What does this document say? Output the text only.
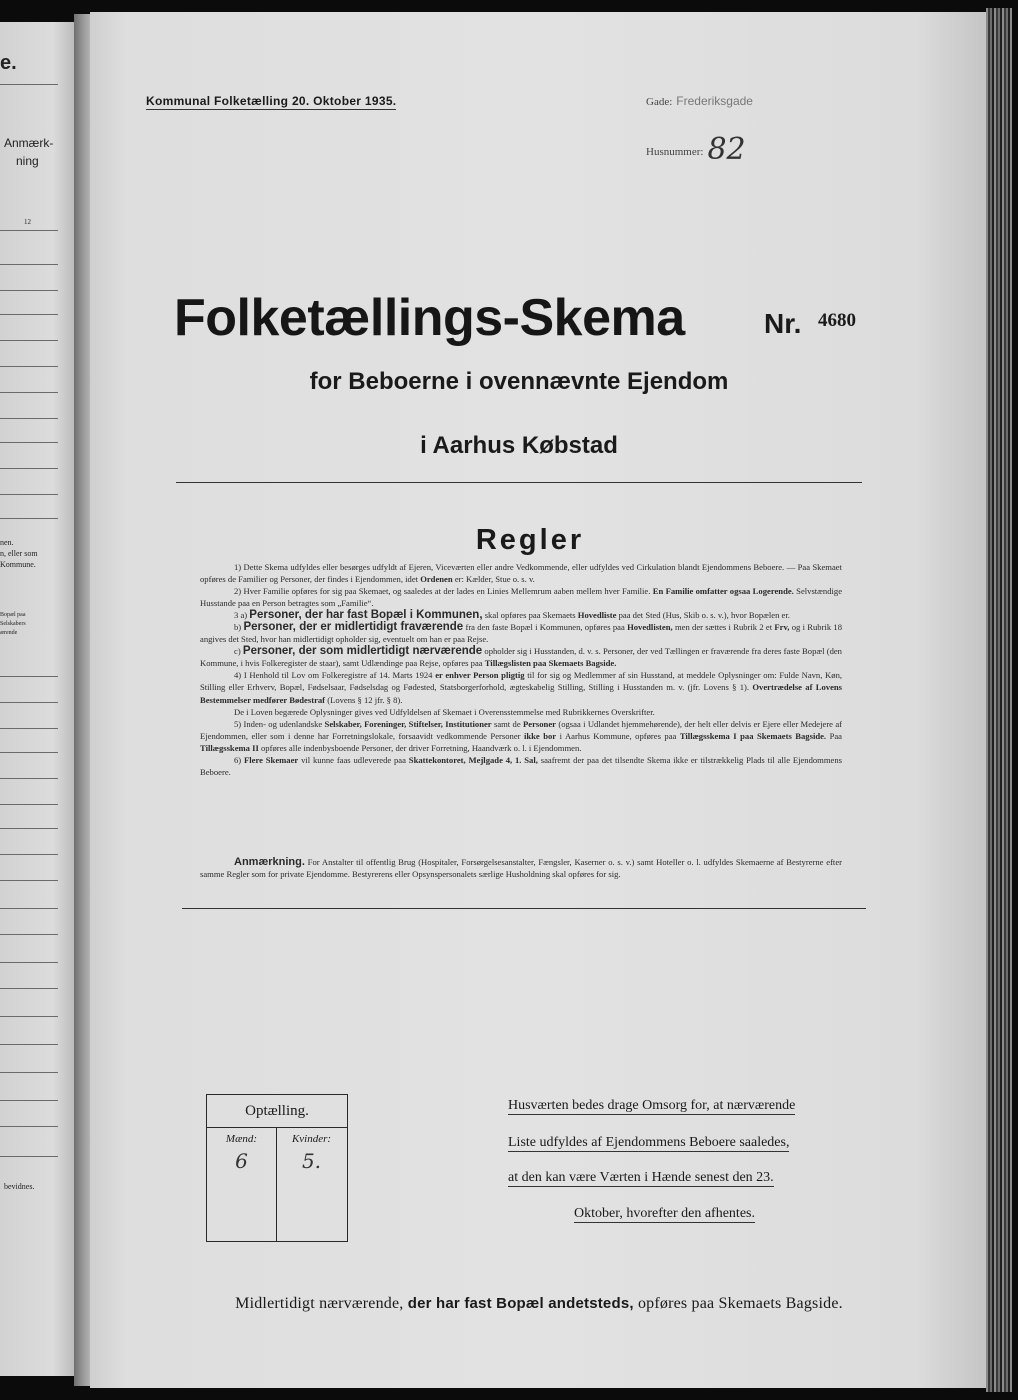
e.
Anmærk-
ning
12
nen.
n, eller som
Kommune.
Bopæl paa
Selskabers
ærende
bevidnes.
Kommunal Folketælling 20. Oktober 1935.	Gade: Frederiksgade
Husnummer: 82
Folketællings-Skema	Nr. 4680
for Beboerne i ovennævnte Ejendom
i Aarhus Købstad
Regler

1) Dette Skema udfyldes eller besørges udfyldt af Ejeren, Viceværten eller andre Vedkommende, eller udfyldes ved Cirkulation blandt Ejendommens Beboere. — Paa Skemaet opføres de Familier og Personer, der findes i Ejendommen, idet Ordenen er: Kælder, Stue o. s. v.

2) Hver Familie opføres for sig paa Skemaet, og saaledes at der lades en Linies Mellemrum aaben mellem hver Familie. En Familie omfatter ogsaa Logerende. Selvstændige Husstande paa en Person betragtes som „Familie“.

3 a) Personer, der har fast Bopæl i Kommunen, skal opføres paa Skemaets Hovedliste paa det Sted (Hus, Skib o. s. v.), hvor Bopælen er.

b) Personer, der er midlertidigt fraværende fra den faste Bopæl i Kommunen, opføres paa Hovedlisten, men der sættes i Rubrik 2 et Frv, og i Rubrik 18 angives det Sted, hvor han midlertidigt opholder sig, eventuelt om han er paa Rejse.

c) Personer, der som midlertidigt nærværende opholder sig i Husstanden, d. v. s. Personer, der ved Tællingen er fraværende fra deres faste Bopæl (den Kommune, i hvis Folkeregister de staar), samt Udlændinge paa Rejse, opføres paa Tillægslisten paa Skemaets Bagside.

4) I Henhold til Lov om Folkeregistre af 14. Marts 1924 er enhver Person pligtig til for sig og Medlemmer af sin Husstand, at meddele Oplysninger om: Fulde Navn, Køn, Stilling eller Erhverv, Bopæl, Fødselsaar, Fødselsdag og Fødested, Statsborgerforhold, ægteskabelig Stilling, Stilling i Husstanden m. v. (jfr. Lovens § 1). Overtrædelse af Lovens Bestemmelser medfører Bødestraf (Lovens § 12 jfr. § 8).

De i Loven begærede Oplysninger gives ved Udfyldelsen af Skemaet i Overensstemmelse med Rubrikkernes Overskrifter.

5) Inden- og udenlandske Selskaber, Foreninger, Stiftelser, Institutioner samt de Personer (ogsaa i Udlandet hjemmehørende), der helt eller delvis er Ejere eller Medejere af Ejendommen, eller som i denne har Forretningslokale, forsaavidt vedkommende Personer ikke bor i Aarhus Kommune, opføres paa Tillægsskema I paa Skemaets Bagside. Paa Tillægsskema II opføres alle indenbysboende Personer, der driver Forretning, Haandværk o. l. i Ejendommen.

6) Flere Skemaer vil kunne faas udleverede paa Skattekontoret, Mejlgade 4, 1. Sal, saafremt der paa det tilsendte Skema ikke er tilstrækkelig Plads til alle Ejendommens Beboere.

Anmærkning. For Anstalter til offentlig Brug (Hospitaler, Forsørgelsesanstalter, Fængsler, Kaserner o. s. v.) samt Hoteller o. l. udfyldes Skemaerne af Bestyrerne efter samme Regler som for private Ejendomme. Bestyrerens eller Opsynspersonalets særlige Husholdning skal opføres for sig.
Optælling.
Mænd:
6
Kvinder:
5.
Husværten bedes drage Omsorg for, at nærværende
Liste udfyldes af Ejendommens Beboere saaledes,
at den kan være Værten i Hænde senest den 23.
Oktober, hvorefter den afhentes.
Midlertidigt nærværende, der har fast Bopæl andetsteds, opføres paa Skemaets Bagside.
